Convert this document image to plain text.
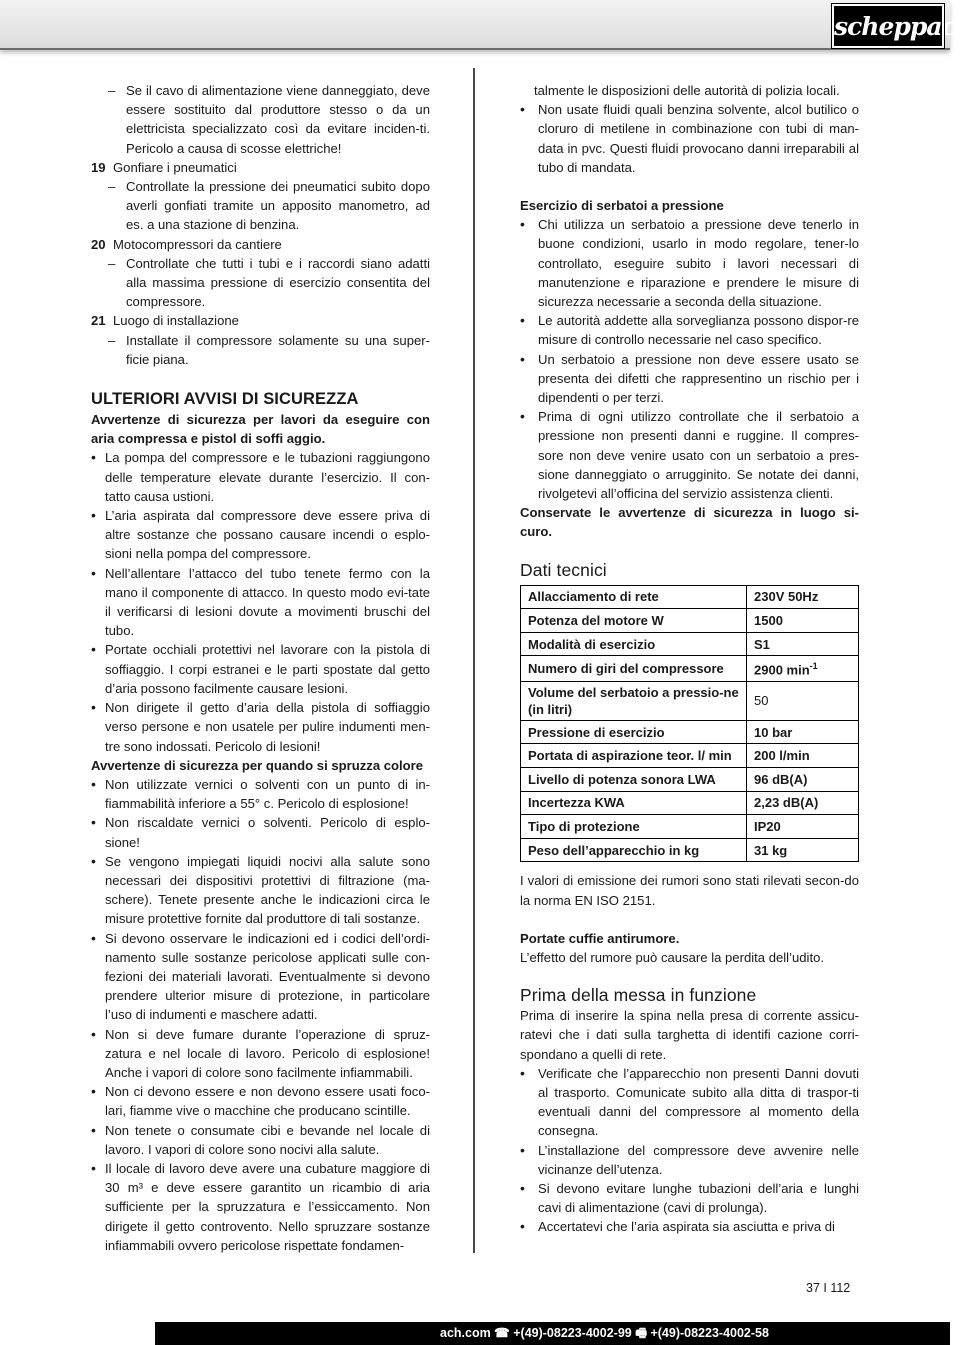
scheppach
– Se il cavo di alimentazione viene danneggiato, deve essere sostituito dal produttore stesso o da un elettricista specializzato così da evitare inciden-ti. Pericolo a causa di scosse elettriche!
19 Gonfiare i pneumatici
– Controllate la pressione dei pneumatici subito dopo averli gonfiati tramite un apposito manometro, ad es. a una stazione di benzina.
20 Motocompressori da cantiere
– Controllate che tutti i tubi e i raccordi siano adatti alla massima pressione di esercizio consentita del compressore.
21 Luogo di installazione
– Installate il compressore solamente su una super-ficie piana.
ULTERIORI AVVISI DI SICUREZZA

Avvertenze di sicurezza per lavori da eseguire con aria compressa e pistol di soffi aggio.

• La pompa del compressore e le tubazioni raggiungono delle temperature elevate durante l’esercizio. Il con-tatto causa ustioni.
• L’aria aspirata dal compressore deve essere priva di altre sostanze che possano causare incendi o esplo-sioni nella pompa del compressore.
• Nell’allentare l’attacco del tubo tenete fermo con la mano il componente di attacco. In questo modo evi-tate il verificarsi di lesioni dovute a movimenti bruschi del tubo.
• Portate occhiali protettivi nel lavorare con la pistola di soffiaggio. I corpi estranei e le parti spostate dal getto d’aria possono facilmente causare lesioni.
• Non dirigete il getto d’aria della pistola di soffiaggio verso persone e non usatele per pulire indumenti men-tre sono indossati. Pericolo di lesioni!

Avvertenze di sicurezza per quando si spruzza colore

• Non utilizzate vernici o solventi con un punto di in-fiammabilità inferiore a 55° c. Pericolo di esplosione!
• Non riscaldate vernici o solventi. Pericolo di esplo-sione!
• Se vengono impiegati liquidi nocivi alla salute sono necessari dei dispositivi protettivi di filtrazione (ma-schere). Tenete presente anche le indicazioni circa le misure protettive fornite dal produttore di tali sostanze.
• Si devono osservare le indicazioni ed i codici dell’ordi-namento sulle sostanze pericolose applicati sulle con-fezioni dei materiali lavorati. Eventualmente si devono prendere ulterior misure di protezione, in particolare l’uso di indumenti e maschere adatti.
• Non si deve fumare durante l’operazione di spruz-zatura e nel locale di lavoro. Pericolo di esplosione! Anche i vapori di colore sono facilmente infiammabili.
• Non ci devono essere e non devono essere usati foco-lari, fiamme vive o macchine che producano scintille.
• Non tenete o consumate cibi e bevande nel locale di lavoro. I vapori di colore sono nocivi alla salute.
• Il locale di lavoro deve avere una cubature maggiore di 30 m³ e deve essere garantito un ricambio di aria sufficiente per la spruzzatura e l’essiccamento. Non dirigete il getto controvento. Nello spruzzare sostanze infiammabili ovvero pericolose rispettate fondamen-

talmente le disposizioni delle autorità di polizia locali.

• Non usate fluidi quali benzina solvente, alcol butilico o cloruro di metilene in combinazione con tubi di man-data in pvc. Questi fluidi provocano danni irreparabili al tubo di mandata.

Esercizio di serbatoi a pressione

• Chi utilizza un serbatoio a pressione deve tenerlo in buone condizioni, usarlo in modo regolare, tener-lo controllato, eseguire subito i lavori necessari di manutenzione e riparazione e prendere le misure di sicurezza necessarie a seconda della situazione.
• Le autorità addette alla sorveglianza possono dispor-re misure di controllo necessarie nel caso specifico.
• Un serbatoio a pressione non deve essere usato se presenta dei difetti che rappresentino un rischio per i dipendenti o per terzi.
• Prima di ogni utilizzo controllate che il serbatoio a pressione non presenti danni e ruggine. Il compres-sore non deve venire usato con un serbatoio a pres-sione danneggiato o arrugginito. Se notate dei danni, rivolgetevi all’officina del servizio assistenza clienti.

Conservate le avvertenze di sicurezza in luogo si-curo.

Dati tecnici
Allacciamento di rete	230V 50Hz
Potenza del motore W	1500
Modalità di esercizio	S1
Numero di giri del compressore	2900 $\min^{-1}$
Volume del serbatoio a pressio-ne (in litri)	50
Pressione di esercizio	10 bar
Portata di aspirazione teor. l/ min	200 l/min
Livello di potenza sonora LWA	96 dB(A)
Incertezza KWA	2,23 dB(A)
Tipo di protezione	IP20
Peso dell’apparecchio in kg	31 kg

I valori di emissione dei rumori sono stati rilevati secon-do la norma EN ISO 2151.

Portate cuffie antirumore.

L’effetto del rumore può causare la perdita dell’udito.

Prima della messa in funzione

Prima di inserire la spina nella presa di corrente assicu-ratevi che i dati sulla targhetta di identifi cazione corri-spondano a quelli di rete.

• Verificate che l’apparecchio non presenti Danni dovuti al trasporto. Comunicate subito alla ditta di traspor-ti eventuali danni del compressore al momento della consegna.
• L’installazione del compressore deve avvenire nelle vicinanze dell’utenza.
• Si devono evitare lunghe tubazioni dell’aria e lunghi cavi di alimentazione (cavi di prolunga).
• Accertatevi che l’aria aspirata sia asciutta e priva di
37 I 112
ach.com ☎ +(49)-08223-4002-99 🖷 +(49)-08223-4002-58
